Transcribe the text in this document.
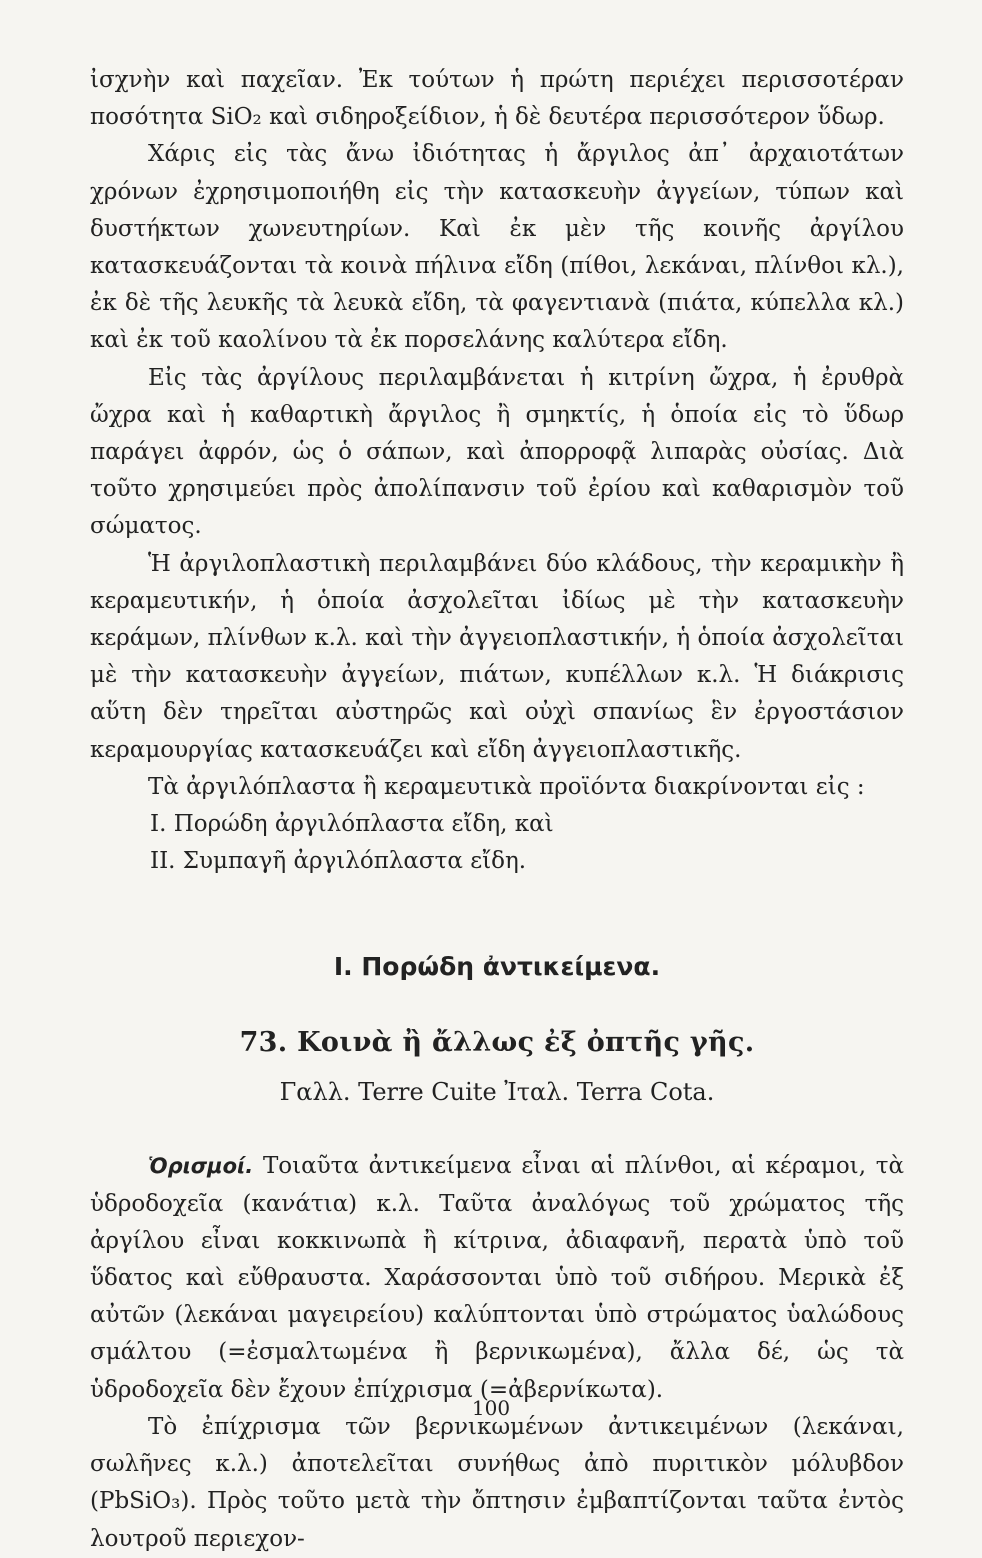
ἰσχνὴν καὶ παχεῖαν. Ἐκ τούτων ἡ πρώτη περιέχει περισσοτέραν ποσότητα SiO₂ καὶ σιδηροξείδιον, ἡ δὲ δευτέρα περισσότερον ὕδωρ.

Χάρις εἰς τὰς ἄνω ἰδιότητας ἡ ἄργιλος ἀπ᾿ ἀρχαιοτάτων χρόνων ἐχρησιμοποιήθη εἰς τὴν κατασκευὴν ἀγγείων, τύπων καὶ δυστήκτων χωνευτηρίων. Καὶ ἐκ μὲν τῆς κοινῆς ἀργίλου κατασκευάζονται τὰ κοινὰ πήλινα εἴδη (πίθοι, λεκάναι, πλίνθοι κλ.), ἐκ δὲ τῆς λευκῆς τὰ λευκὰ εἴδη, τὰ φαγεντιανὰ (πιάτα, κύπελλα κλ.) καὶ ἐκ τοῦ καολίνου τὰ ἐκ πορσελάνης καλύτερα εἴδη.

Εἰς τὰς ἀργίλους περιλαμβάνεται ἡ κιτρίνη ὤχρα, ἡ ἐρυθρὰ ὤχρα καὶ ἡ καθαρτικὴ ἄργιλος ἢ σμηκτίς, ἡ ὁποία εἰς τὸ ὕδωρ παράγει ἀφρόν, ὡς ὁ σάπων, καὶ ἀπορροφᾷ λιπαρὰς οὐσίας. Διὰ τοῦτο χρησιμεύει πρὸς ἀπολίπανσιν τοῦ ἐρίου καὶ καθαρισμὸν τοῦ σώματος.

Ἡ ἀργιλοπλαστικὴ περιλαμβάνει δύο κλάδους, τὴν κεραμικὴν ἢ κεραμευτικήν, ἡ ὁποία ἀσχολεῖται ἰδίως μὲ τὴν κατασκευὴν κεράμων, πλίνθων κ.λ. καὶ τὴν ἀγγειοπλαστικήν, ἡ ὁποία ἀσχολεῖται μὲ τὴν κατασκευὴν ἀγγείων, πιάτων, κυπέλλων κ.λ. Ἡ διάκρισις αὕτη δὲν τηρεῖται αὐστηρῶς καὶ οὐχὶ σπανίως ἓν ἐργοστάσιον κεραμουργίας κατασκευάζει καὶ εἴδη ἀγγειοπλαστικῆς.

Τὰ ἀργιλόπλαστα ἢ κεραμευτικὰ προϊόντα διακρίνονται εἰς :

I. Πορώδη ἀργιλόπλαστα εἴδη, καὶ

II. Συμπαγῆ ἀργιλόπλαστα εἴδη.

I. Πορώδη ἀντικείμενα.
73. Κοινὰ ἢ ἄλλως ἐξ ὀπτῆς γῆς.

Γαλλ. Terre Cuite Ἰταλ. Terra Cota.

Ὁρισμοί. Τοιαῦτα ἀντικείμενα εἶναι αἱ πλίνθοι, αἱ κέραμοι, τὰ ὑδροδοχεῖα (κανάτια) κ.λ. Ταῦτα ἀναλόγως τοῦ χρώματος τῆς ἀργίλου εἶναι κοκκινωπὰ ἢ κίτρινα, ἀδιαφανῆ, περατὰ ὑπὸ τοῦ ὕδατος καὶ εὔθραυστα. Χαράσσονται ὑπὸ τοῦ σιδήρου. Μερικὰ ἐξ αὐτῶν (λεκάναι μαγειρείου) καλύπτονται ὑπὸ στρώματος ὑαλώδους σμάλτου (=ἐσμαλτωμένα ἢ βερνικωμένα), ἄλλα δέ, ὡς τὰ ὑδροδοχεῖα δὲν ἔχουν ἐπίχρισμα (=ἀβερνίκωτα).

Τὸ ἐπίχρισμα τῶν βερνικωμένων ἀντικειμένων (λεκάναι, σωλῆνες κ.λ.) ἀποτελεῖται συνήθως ἀπὸ πυριτικὸν μόλυβδον (PbSiO₃). Πρὸς τοῦτο μετὰ τὴν ὄπτησιν ἐμβαπτίζονται ταῦτα ἐντὸς λουτροῦ περιεχον-

100
